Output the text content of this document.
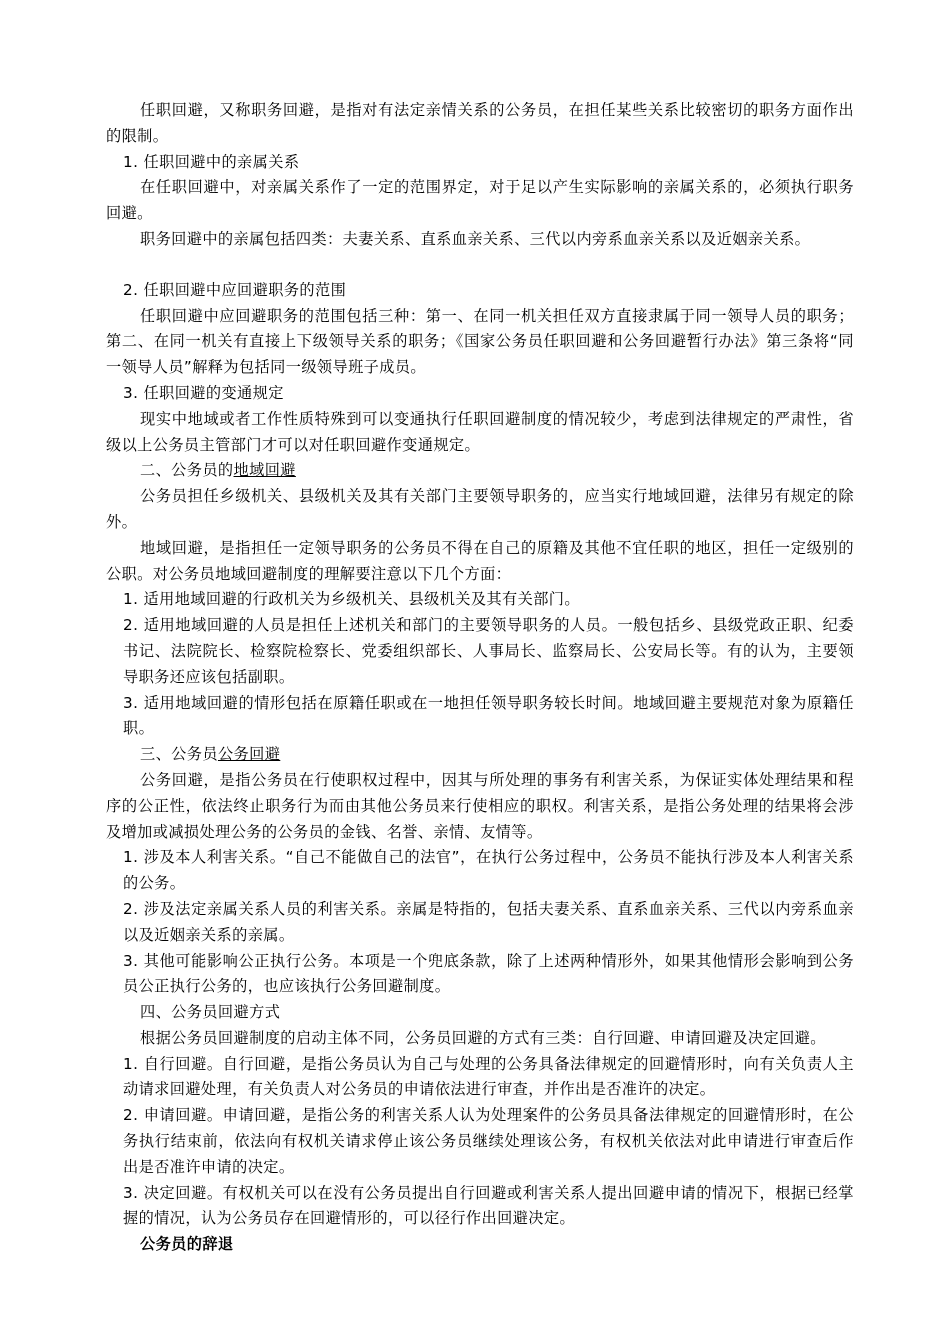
任职回避，又称职务回避，是指对有法定亲情关系的公务员，在担任某些关系比较密切的职务方面作出的限制。

1. 任职回避中的亲属关系

在任职回避中，对亲属关系作了一定的范围界定，对于足以产生实际影响的亲属关系的，必须执行职务回避。

职务回避中的亲属包括四类：夫妻关系、直系血亲关系、三代以内旁系血亲关系以及近姻亲关系。

2. 任职回避中应回避职务的范围

任职回避中应回避职务的范围包括三种：第一、在同一机关担任双方直接隶属于同一领导人员的职务；第二、在同一机关有直接上下级领导关系的职务；《国家公务员任职回避和公务回避暂行办法》第三条将“同一领导人员”解释为包括同一级领导班子成员。

3. 任职回避的变通规定

现实中地域或者工作性质特殊到可以变通执行任职回避制度的情况较少，考虑到法律规定的严肃性，省级以上公务员主管部门才可以对任职回避作变通规定。

二、公务员的地域回避

公务员担任乡级机关、县级机关及其有关部门主要领导职务的，应当实行地域回避，法律另有规定的除外。

地域回避，是指担任一定领导职务的公务员不得在自己的原籍及其他不宜任职的地区，担任一定级别的公职。对公务员地域回避制度的理解要注意以下几个方面：

1. 适用地域回避的行政机关为乡级机关、县级机关及其有关部门。

2. 适用地域回避的人员是担任上述机关和部门的主要领导职务的人员。一般包括乡、县级党政正职、纪委书记、法院院长、检察院检察长、党委组织部长、人事局长、监察局长、公安局长等。有的认为，主要领导职务还应该包括副职。

3. 适用地域回避的情形包括在原籍任职或在一地担任领导职务较长时间。地域回避主要规范对象为原籍任职。

三、公务员公务回避

公务回避，是指公务员在行使职权过程中，因其与所处理的事务有利害关系，为保证实体处理结果和程序的公正性，依法终止职务行为而由其他公务员来行使相应的职权。利害关系，是指公务处理的结果将会涉及增加或减损处理公务的公务员的金钱、名誉、亲情、友情等。

1. 涉及本人利害关系。“自己不能做自己的法官”，在执行公务过程中，公务员不能执行涉及本人利害关系的公务。

2. 涉及法定亲属关系人员的利害关系。亲属是特指的，包括夫妻关系、直系血亲关系、三代以内旁系血亲以及近姻亲关系的亲属。

3. 其他可能影响公正执行公务。本项是一个兜底条款，除了上述两种情形外，如果其他情形会影响到公务员公正执行公务的，也应该执行公务回避制度。

四、公务员回避方式

根据公务员回避制度的启动主体不同，公务员回避的方式有三类：自行回避、申请回避及决定回避。

1. 自行回避。自行回避，是指公务员认为自己与处理的公务具备法律规定的回避情形时，向有关负责人主动请求回避处理，有关负责人对公务员的申请依法进行审查，并作出是否准许的决定。

2. 申请回避。申请回避，是指公务的利害关系人认为处理案件的公务员具备法律规定的回避情形时，在公务执行结束前，依法向有权机关请求停止该公务员继续处理该公务，有权机关依法对此申请进行审查后作出是否准许申请的决定。

3. 决定回避。有权机关可以在没有公务员提出自行回避或利害关系人提出回避申请的情况下，根据已经掌握的情况，认为公务员存在回避情形的，可以径行作出回避决定。

公务员的辞退
